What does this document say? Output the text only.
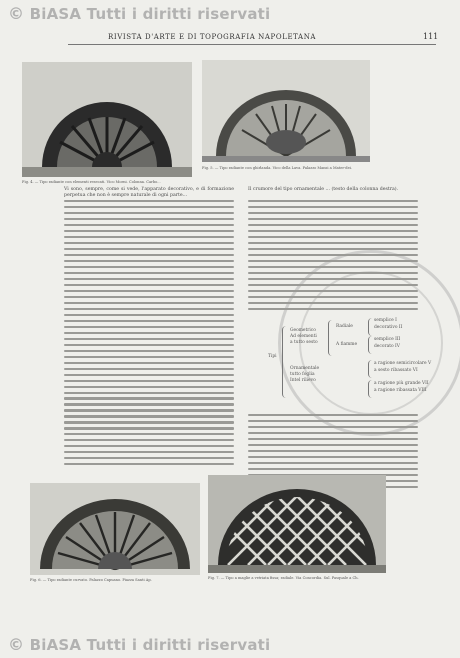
© BiASA Tutti i diritti riservati
© BiASA Tutti i diritti riservati
RIVISTA D'ARTE E DI TOPOGRAFIA NAPOLETANA	111
Fig. 4. — Tipo radiante con elementi resecati. Vico Morni. Colonna. Carbo...
Fig. 5. — Tipo radiante con ghirlanda. Vico della Lava. Palazzo Mansi a Mater-dei.

Vi sono, sempre, come si vede, l'apparato decorativo, e di formazione perpetua che non è sempre naturale di ogni parte...

Il crumore del tipo ornamentale ... (testo della colonna destra).

Tipi
Geometrico
Ad elementi
a tutto sesto
Radiale
A fiamme
semplice I
decorativo II
semplice III
decorato IV
Ornamentale
tutto foglia
Intel rilievo
a ragione semicircolare V
a sesto ribassato VI
a ragione più grande VII
a ragione ribassata VIII
Fig. 6. — Tipo radiante curvato. Palazzo Capuano. Piazza Santi Ap.	Fig. 7. — Tipo a maglie a vetriata fissa; radiale. Via Concordia. Sul. Pasquale a Ch.
